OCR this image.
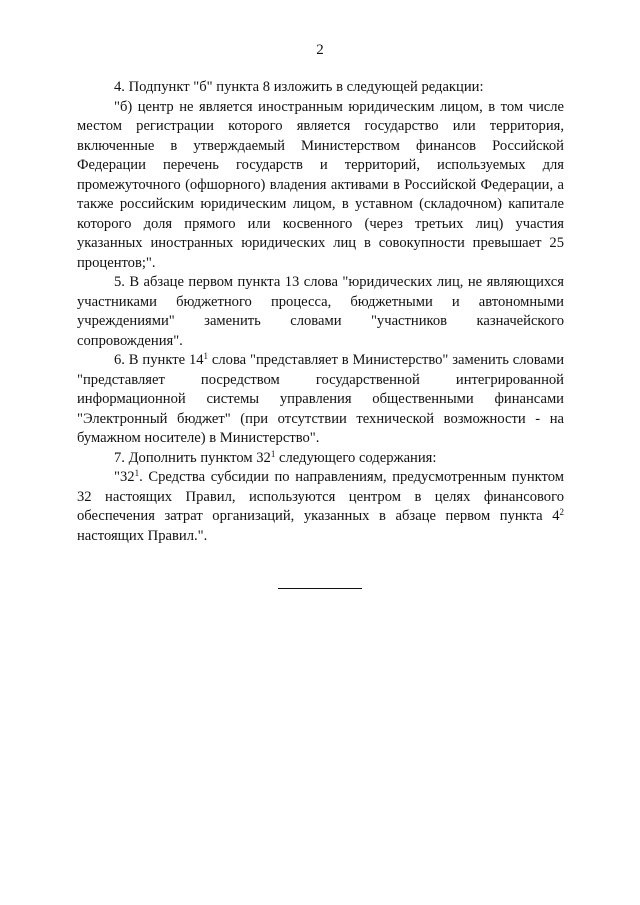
2

4. Подпункт "б" пункта 8 изложить в следующей редакции:

"б) центр не является иностранным юридическим лицом, в том числе местом регистрации которого является государство или территория, включенные в утверждаемый Министерством финансов Российской Федерации перечень государств и территорий, используемых для промежуточного (офшорного) владения активами в Российской Федерации, а также российским юридическим лицом, в уставном (складочном) капитале которого доля прямого или косвенного (через третьих лиц) участия указанных иностранных юридических лиц в совокупности превышает 25 процентов;".

5. В абзаце первом пункта 13 слова "юридических лиц, не являющихся участниками бюджетного процесса, бюджетными и автономными учреждениями" заменить словами "участников казначейского сопровождения".

6. В пункте $14^1$ слова "представляет в Министерство" заменить словами "представляет посредством государственной интегрированной информационной системы управления общественными финансами "Электронный бюджет" (при отсутствии технической возможности - на бумажном носителе) в Министерство".

7. Дополнить пунктом $32^1$ следующего содержания:

"$32^1$. Средства субсидии по направлениям, предусмотренным пунктом 32 настоящих Правил, используются центром в целях финансового обеспечения затрат организаций, указанных в абзаце первом пункта $4^2$ настоящих Правил.".
